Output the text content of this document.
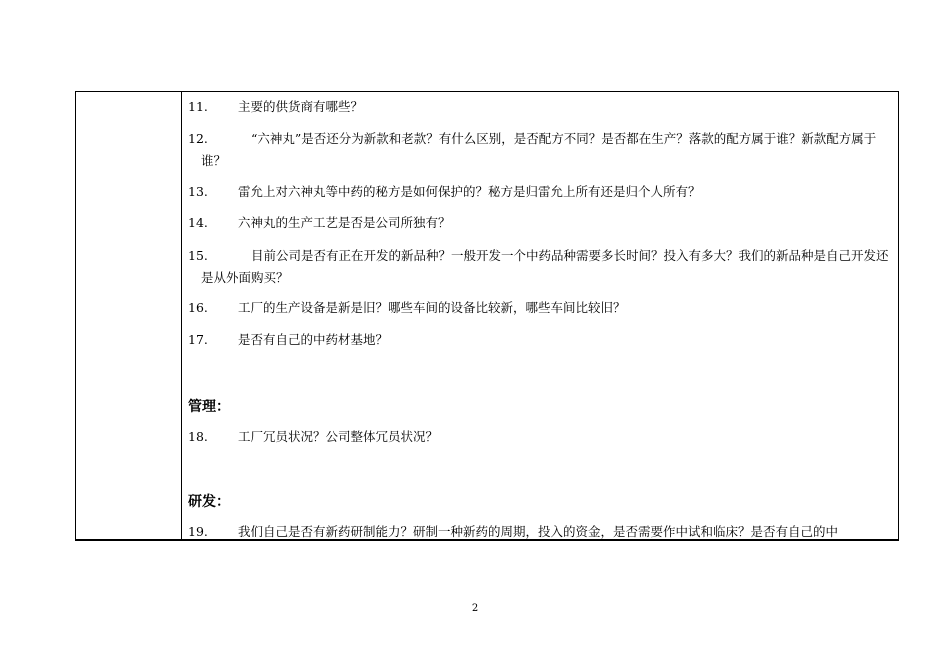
11.	主要的供货商有哪些？
12.	“六神丸”是否还分为新款和老款？有什么区别，是否配方不同？是否都在生产？落款的配方属于谁？新款配方属于谁？
13.	雷允上对六神丸等中药的秘方是如何保护的？秘方是归雷允上所有还是归个人所有？
14.	六神丸的生产工艺是否是公司所独有？
15.	目前公司是否有正在开发的新品种？一般开发一个中药品种需要多长时间？投入有多大？我们的新品种是自己开发还是从外面购买？
16.	工厂的生产设备是新是旧？哪些车间的设备比较新，哪些车间比较旧？
17.	是否有自己的中药材基地？
管理：
18.	工厂冗员状况？公司整体冗员状况？
研发：
19.	我们自己是否有新药研制能力？研制一种新药的周期，投入的资金，是否需要作中试和临床？是否有自己的中
2
